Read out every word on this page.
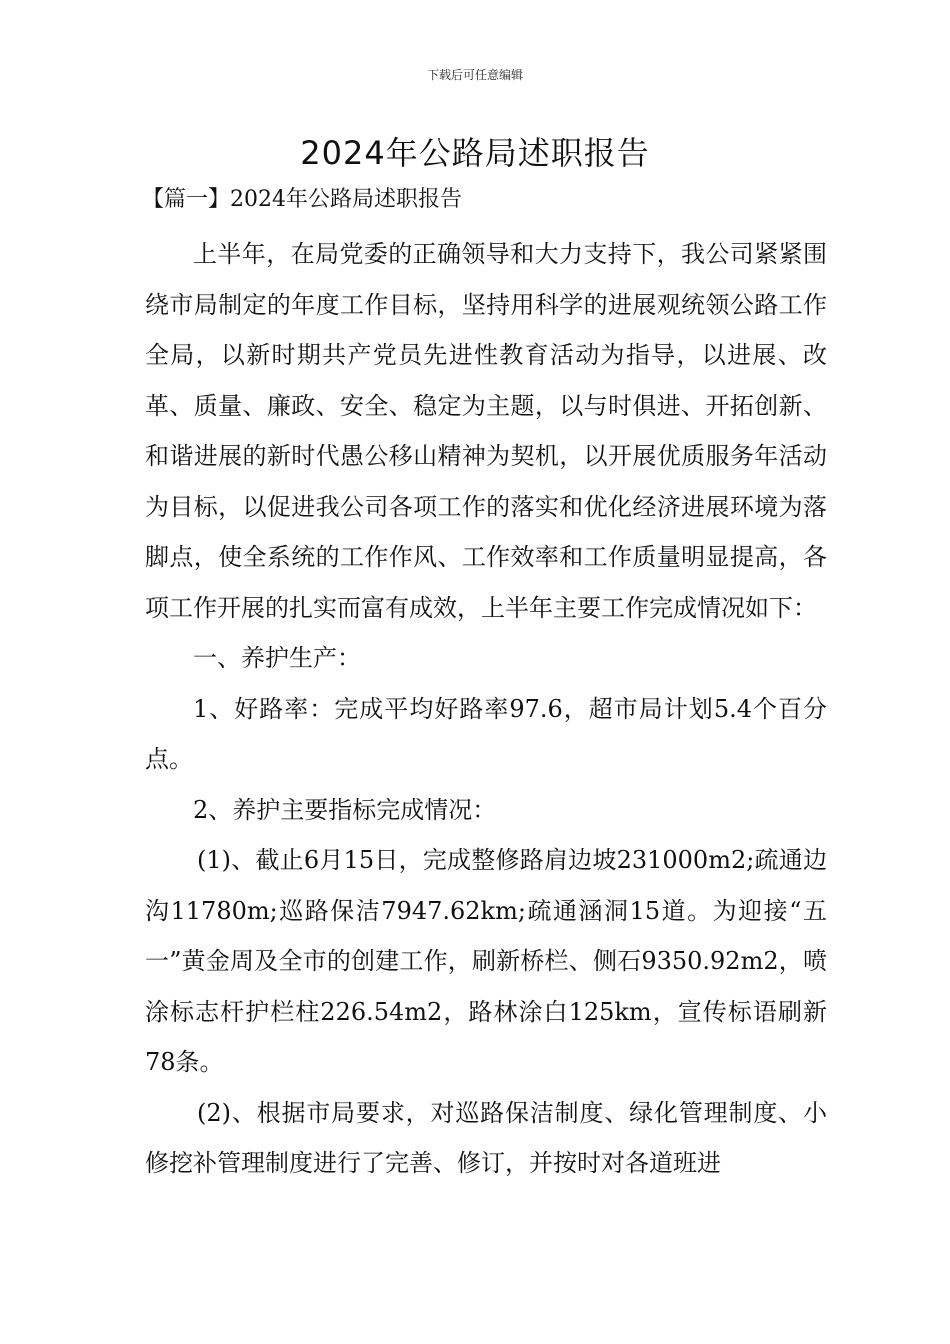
下载后可任意编辑
2024年公路局述职报告
【篇一】2024年公路局述职报告

上半年，在局党委的正确领导和大力支持下，我公司紧紧围绕市局制定的年度工作目标，坚持用科学的进展观统领公路工作全局，以新时期共产党员先进性教育活动为指导，以进展、改革、质量、廉政、安全、稳定为主题，以与时俱进、开拓创新、和谐进展的新时代愚公移山精神为契机，以开展优质服务年活动为目标，以促进我公司各项工作的落实和优化经济进展环境为落脚点，使全系统的工作作风、工作效率和工作质量明显提高，各项工作开展的扎实而富有成效，上半年主要工作完成情况如下：

一、养护生产：

1、好路率：完成平均好路率97.6，超市局计划5.4个百分点。

2、养护主要指标完成情况：

(1)、截止6月15日，完成整修路肩边坡231000m2;疏通边沟11780m;巡路保洁7947.62km;疏通涵洞15道。为迎接“五一”黄金周及全市的创建工作，刷新桥栏、侧石9350.92m2，喷涂标志杆护栏柱226.54m2，路林涂白125km，宣传标语刷新78条。

(2)、根据市局要求，对巡路保洁制度、绿化管理制度、小修挖补管理制度进行了完善、修订，并按时对各道班进
